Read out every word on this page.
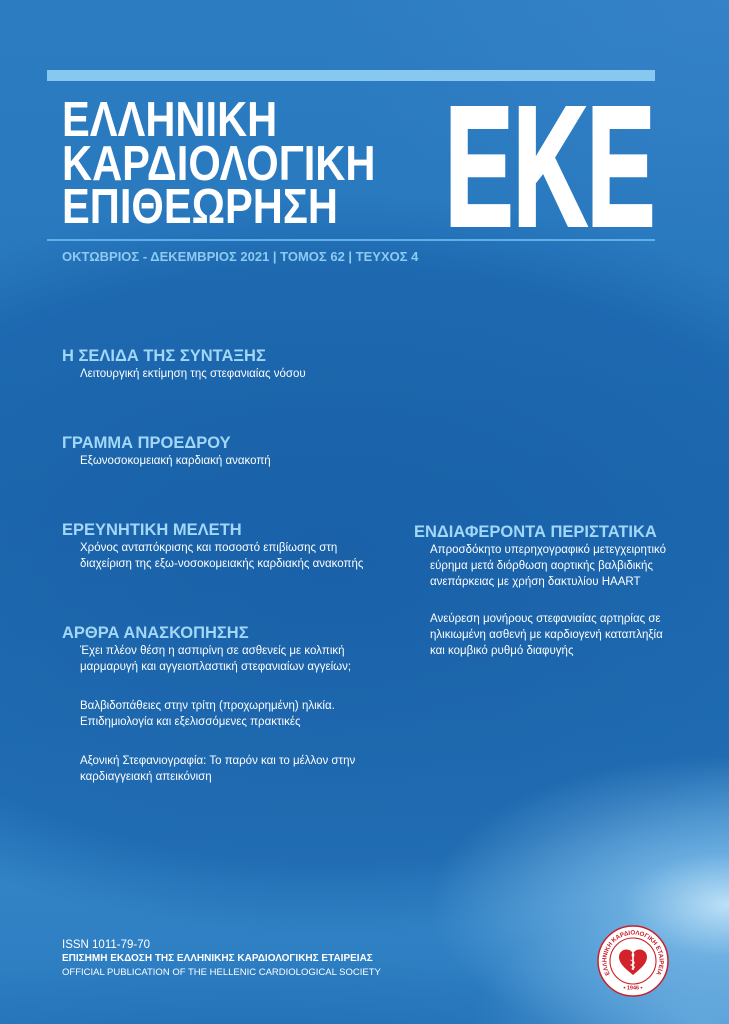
ΕΛΛΗΝΙΚΗ
ΚΑΡΔΙΟΛΟΓΙΚΗ
ΕΠΙΘΕΩΡΗΣΗ ΕΚΕ
ΟΚΤΩΒΡΙΟΣ - ΔΕΚΕΜΒΡΙΟΣ 2021 | ΤΟΜΟΣ 62 | ΤΕΥΧΟΣ 4
Η ΣΕΛΙΔΑ ΤΗΣ ΣΥΝΤΑΞΗΣ
Λειτουργική εκτίμηση της στεφανιαίας νόσου
ΓΡΑΜΜΑ ΠΡΟΕΔΡΟΥ
Εξωνοσοκομειακή καρδιακή ανακοπή
ΕΡΕΥΝΗΤΙΚΗ ΜΕΛΕΤΗ
Χρόνος ανταπόκρισης και ποσοστό επιβίωσης στη
διαχείριση της εξω-νοσοκομειακής καρδιακής ανακοπής
ΑΡΘΡΑ ΑΝΑΣΚΟΠΗΣΗΣ
Έχει πλέον θέση η ασπιρίνη σε ασθενείς με κολπική
μαρμαρυγή και αγγειοπλαστική στεφανιαίων αγγείων;
Βαλβιδοπάθειες στην τρίτη (προχωρημένη) ηλικία.
Επιδημιολογία και εξελισσόμενες πρακτικές
Αξονική Στεφανιογραφία: Το παρόν και το μέλλον στην
καρδιαγγειακή απεικόνιση
ΕΝΔΙΑΦΕΡΟΝΤΑ ΠΕΡΙΣΤΑΤΙΚΑ
Απροσδόκητο υπερηχογραφικό μετεγχειρητικό
εύρημα μετά διόρθωση αορτικής βαλβιδικής
ανεπάρκειας με χρήση δακτυλίου HAART
Ανεύρεση μονήρους στεφανιαίας αρτηρίας σε
ηλικιωμένη ασθενή με καρδιογενή καταπληξία
και κομβικό ρυθμό διαφυγής
ISSN 1011-79-70
ΕΠΙΣΗΜΗ ΕΚΔΟΣΗ ΤΗΣ ΕΛΛΗΝΙΚΗΣ ΚΑΡΔΙΟΛΟΓΙΚΗΣ ΕΤΑΙΡΕΙΑΣ
OFFICIAL PUBLICATION OF THE HELLENIC CARDIOLOGICAL SOCIETY	ΕΛΛΗΝΙΚΗ ΚΑΡΔΙΟΛΟΓΙΚΗ ΕΤΑΙΡΕΙΑ
1946
